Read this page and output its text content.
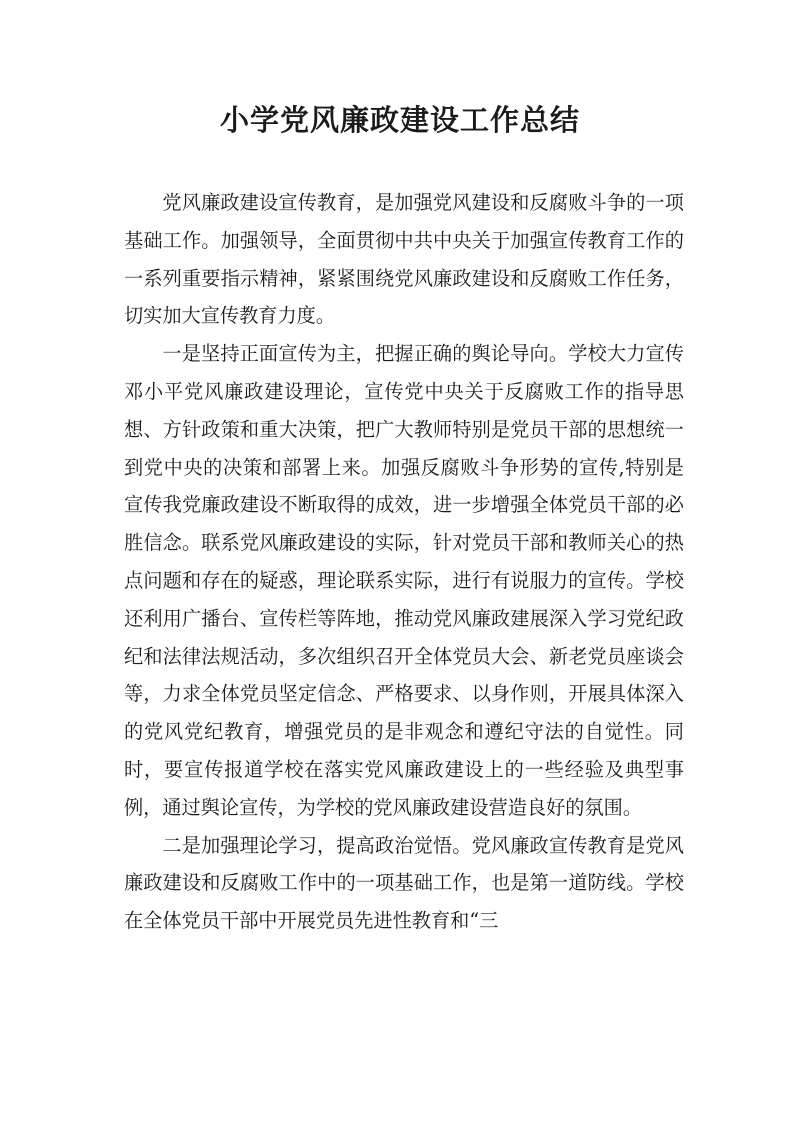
小学党风廉政建设工作总结

党风廉政建设宣传教育，是加强党风建设和反腐败斗争的一项基础工作。加强领导，全面贯彻中共中央关于加强宣传教育工作的一系列重要指示精神，紧紧围绕党风廉政建设和反腐败工作任务，切实加大宣传教育力度。

一是坚持正面宣传为主，把握正确的舆论导向。学校大力宣传邓小平党风廉政建设理论，宣传党中央关于反腐败工作的指导思想、方针政策和重大决策，把广大教师特别是党员干部的思想统一到党中央的决策和部署上来。加强反腐败斗争形势的宣传,特别是宣传我党廉政建设不断取得的成效，进一步增强全体党员干部的必胜信念。联系党风廉政建设的实际，针对党员干部和教师关心的热点问题和存在的疑惑，理论联系实际，进行有说服力的宣传。学校还利用广播台、宣传栏等阵地，推动党风廉政建展深入学习党纪政纪和法律法规活动，多次组织召开全体党员大会、新老党员座谈会等，力求全体党员坚定信念、严格要求、以身作则，开展具体深入的党风党纪教育，增强党员的是非观念和遵纪守法的自觉性。同时，要宣传报道学校在落实党风廉政建设上的一些经验及典型事例，通过舆论宣传，为学校的党风廉政建设营造良好的氛围。

二是加强理论学习，提高政治觉悟。党风廉政宣传教育是党风廉政建设和反腐败工作中的一项基础工作，也是第一道防线。学校在全体党员干部中开展党员先进性教育和“三
